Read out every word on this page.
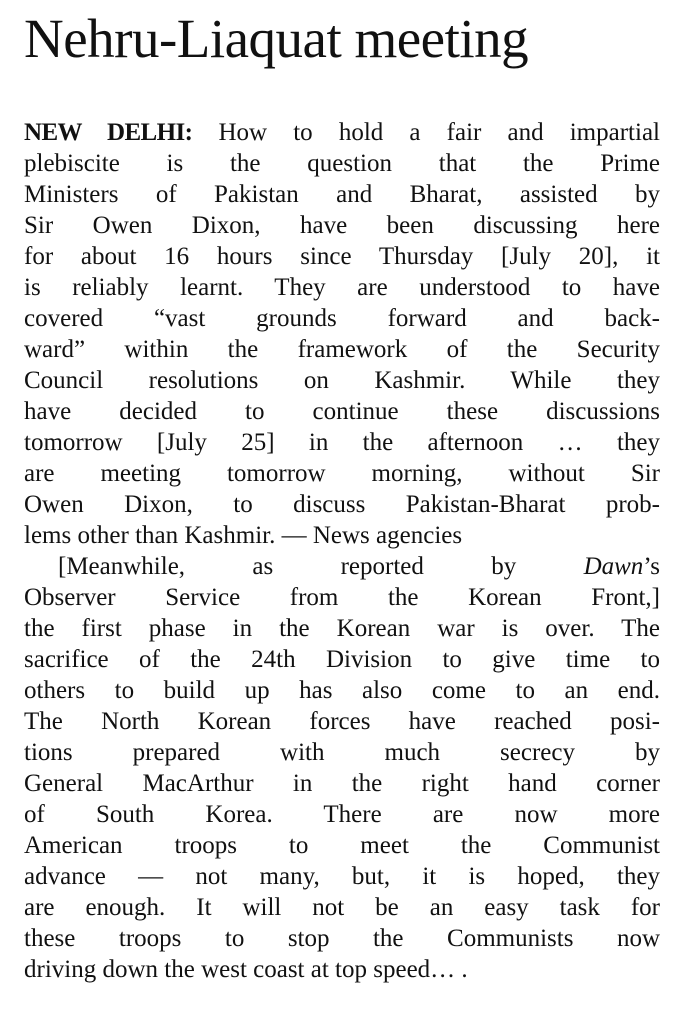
Nehru-Liaquat meeting
NEW DELHI: How to hold a fair and impartial
plebiscite is the question that the Prime
Ministers of Pakistan and Bharat, assisted by
Sir Owen Dixon, have been discussing here
for about 16 hours since Thursday [July 20], it
is reliably learnt. They are understood to have
covered “vast grounds forward and back-
ward” within the framework of the Security
Council resolutions on Kashmir. While they
have decided to continue these discussions
tomorrow [July 25] in the afternoon … they
are meeting tomorrow morning, without Sir
Owen Dixon, to discuss Pakistan-Bharat prob-
lems other than Kashmir. — News agencies
[Meanwhile, as reported by Dawn’s
Observer Service from the Korean Front,]
the first phase in the Korean war is over. The
sacrifice of the 24th Division to give time to
others to build up has also come to an end.
The North Korean forces have reached posi-
tions prepared with much secrecy by
General MacArthur in the right hand corner
of South Korea. There are now more
American troops to meet the Communist
advance — not many, but, it is hoped, they
are enough. It will not be an easy task for
these troops to stop the Communists now
driving down the west coast at top speed… .
